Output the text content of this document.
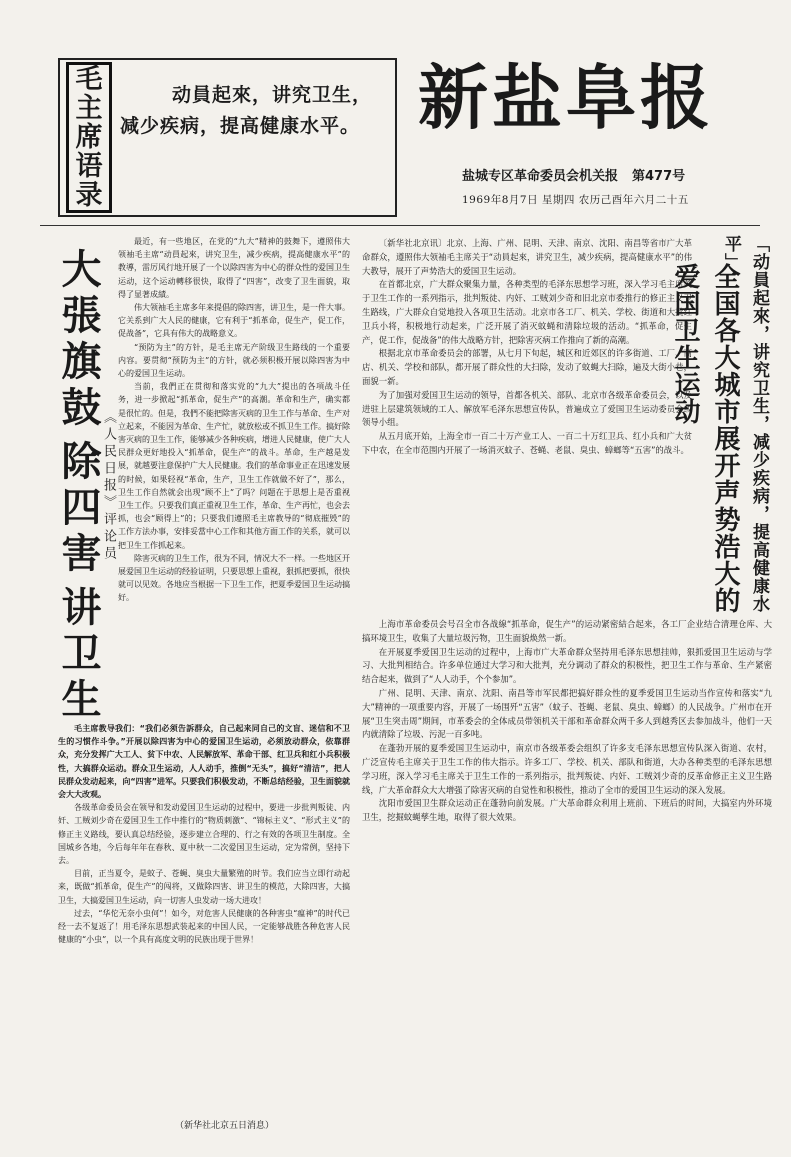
毛
主
席
语
录
动員起來，讲究卫生，减少疾病，提高健康水平。 新盐阜报
盐城专区革命委员会机关报 第477号
1969年8月7日 星期四 农历己酉年六月二十五
大張旗鼓
除四害
讲卫生
《人民日报》评论员

最近，有一些地区，在党的“九大”精神的鼓舞下，遵照伟大领袖毛主席“动員起來，讲究卫生，减少疾病，提高健康水平”的教導，雷厉风行地开展了一个以除四害为中心的群众性的爱国卫生运动，这个运动轉移很快，取得了“四害”，改变了卫生面貌，取得了显著成績。

伟大领袖毛主席多年来提倡的除四害，讲卫生，是一件大事。它关系到广大人民的健康，它有利于“抓革命，促生产，促工作，促战备”，它具有伟大的战略意义。

“预防为主”的方针，是毛主席无产阶级卫生路线的一个重要内容。要贯彻“预防为主”的方针，就必须积极开展以除四害为中心的爱国卫生运动。

当前，我們正在贯彻和落实党的“九大”提出的各項战斗任务，进一步掀起“抓革命，促生产”的高潮。革命和生产，确实都是很忙的。但是，我們不能把除害灭病的卫生工作与革命、生产对立起来，不能因为革命、生产忙，就放松或不抓卫生工作。搞好除害灭病的卫生工作，能够减少各种疾病，增进人民健康，使广大人民群众更好地投入“抓革命，促生产”的战斗。革命，生产越是发展，就越要注意保护广大人民健康。我们的革命事业正在迅速发展的时候，如果轻视“革命，生产，卫生工作就做不好了”，那么，卫生工作自然就会出现“顾不上”了吗？问题在于思想上是否重视卫生工作。只要我们真正重视卫生工作，革命、生产再忙，也会去抓，也会“顾得上”的；只要我们遵照毛主席教导的“彻底摧毁”的工作方法办事，安排妥當中心工作和其他方面工作的关系，就可以把卫生工作抓起来。

除害灭病的卫生工作，很为不同，情况大不一样。一些地区开展爱国卫生运动的经验证明，只要思想上重视，狠抓把要抓，很快就可以见效。各地应当根据一下卫生工作，把夏季爱国卫生运动搞好。

毛主席教导我们：“我们必须告訴群众，自己起来同自己的文盲、迷信和不卫生的习惯作斗争。”开展以除四害为中心的爱国卫生运动，必须放动群众，依靠群众，充分发挥广大工人、贫下中农、人民解放军、革命干部、红卫兵和红小兵积极性，大搞群众运动。群众卫生运动，人人动手，推倒“无头”，搞好“清洁”，把人民群众发动起来，向“四害”进军。只要我们积极发动，不断总结经验，卫生面貌就会大大改观。

各级革命委员会在领导和发动爱国卫生运动的过程中，要进一步批判叛徒、内奸、工贼刘少奇在爱国卫生工作中推行的“物质刺激”、“锦标主义”、“形式主义”的修正主义路线，要认真总结经验，逐步建立合理的、行之有效的各项卫生制度。全国城乡各地，今后每年年在春秋、夏中秋一二次爱国卫生运动，定为常例，坚持下去。

目前，正当夏令，是蚊子、苍蝇、臭虫大量繁殖的时节。我们应当立即行动起来，既做“抓革命，促生产”的闯将，又做除四害、讲卫生的模范，大除四害，大搞卫生，大搞爱国卫生运动，向一切害人虫发动一场大进攻！

过去，“华佗无奈小虫何”！如今，对危害人民健康的各种害虫“瘟神”的时代已经一去不复返了！用毛泽东思想武装起来的中国人民，一定能够战胜各种危害人民健康的“小虫”，以一个具有高度文明的民族出现于世界！

（新华社北京五日消息）

〔新华社北京讯〕北京、上海、广州、昆明、天津、南京、沈阳、南昌等省市广大革命群众，遵照伟大领袖毛主席关于“动員起來，讲究卫生，减少疾病，提高健康水平”的伟大教导，展开了声势浩大的爱国卫生运动。

在首都北京，广大群众聚集力量，各种类型的毛泽东思想学习班，深入学习毛主席关于卫生工作的一系列指示，批判叛徒、内奸、工贼刘少奇和旧北京市委推行的修正主义卫生路线，广大群众自觉地投入各项卫生活动。北京市各工厂、机关、学校、街道和大批红卫兵小将，积极地行动起来，广泛开展了消灭蚊蝇和清除垃圾的活动。“抓革命，促生产，促工作，促战备”的伟大战略方针，把除害灭病工作推向了新的高潮。

根据北京市革命委员会的部署，从七月下旬起，城区和近郊区的许多街道、工厂、商店、机关、学校和部队，都开展了群众性的大扫除，发动了蚊蝇大扫除，遍及大街小巷，面貌一新。

为了加强对爱国卫生运动的领导，首都各机关、部队、北京市各级革命委员会，以及进驻上层建筑领域的工人、解放军毛泽东思想宣传队，普遍成立了爱国卫生运动委员会或领导小组。

从五月底开始，上海全市一百二十万产业工人、一百二十万红卫兵、红小兵和广大贫下中农，在全市范围内开展了一场消灭蚊子、苍蝇、老鼠、臭虫、蟑螂等“五害”的战斗。	「动員起來，讲究卫生，减少疾病，提高健康水平」
全国各大城市展开声势浩大的爱国卫生运动

上海市革命委员会号召全市各战線“抓革命，促生产”的运动紧密結合起来，各工厂企业结合清理仓库、大搞环境卫生，收集了大量垃圾污物，卫生面貌焕然一新。

在开展夏季爱国卫生运动的过程中，上海市广大革命群众坚持用毛泽东思想挂帅，狠抓爱国卫生运动与学习、大批判相结合。许多单位通过大学习和大批判，充分调动了群众的积极性，把卫生工作与革命、生产紧密结合起来，做到了“人人动手，个个参加”。

广州、昆明、天津、南京、沈阳、南昌等市军民都把搞好群众性的夏季爱国卫生运动当作宣传和落实“九大”精神的一项重要内容，开展了一场围歼“五害”（蚊子、苍蝇、老鼠、臭虫、蟑螂）的人民战争。广州市在开展“卫生突击周”期间，市革委会的全体成员带领机关干部和革命群众两千多人到越秀区去参加战斗，他们一天内就清除了垃圾、污泥一百多吨。

在蓬勃开展的夏季爱国卫生运动中，南京市各级革委会组织了许多支毛泽东思想宣传队深入街道、农村，广泛宣传毛主席关于卫生工作的伟大指示。许多工厂、学校、机关、部队和街道，大办各种类型的毛泽东思想学习班，深入学习毛主席关于卫生工作的一系列指示，批判叛徒、内奸、工贼刘少奇的反革命修正主义卫生路线，广大革命群众大大增强了除害灭病的自觉性和积极性，推动了全市的爱国卫生运动的深入发展。

沈阳市爱国卫生群众运动正在蓬勃向前发展。广大革命群众利用上班前、下班后的时间，大搞室内外环境卫生，挖掘蚊蝇孳生地，取得了很大效果。
